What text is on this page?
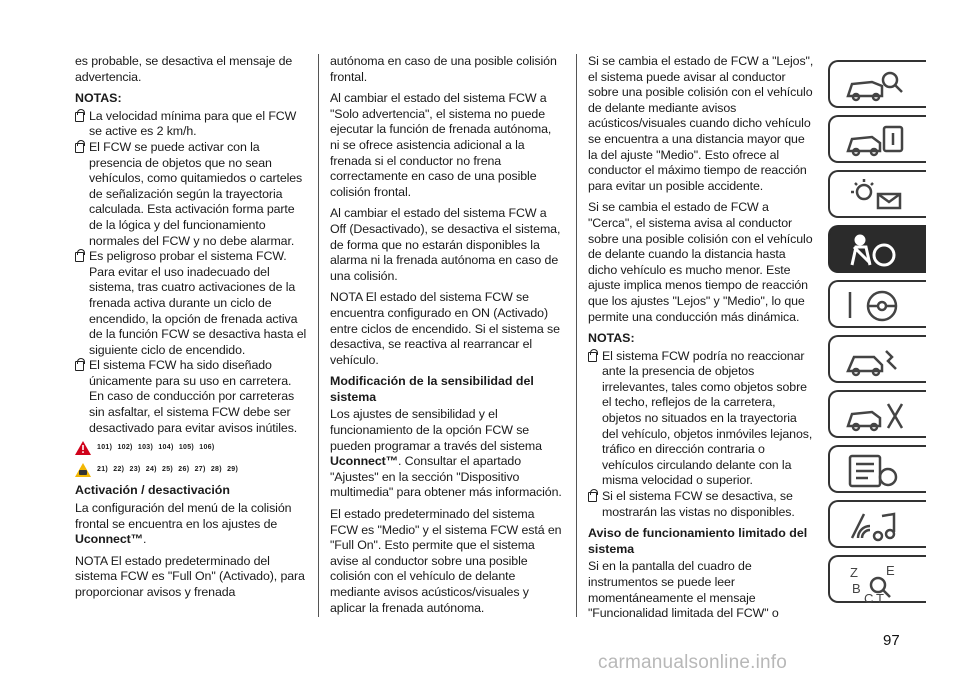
es probable, se desactiva el mensaje de advertencia.

NOTAS:
La velocidad mínima para que el FCW se active es 2 km/h.
El FCW se puede activar con la presencia de objetos que no sean vehículos, como quitamiedos o carteles de señalización según la trayectoria calculada. Esta activación forma parte de la lógica y del funcionamiento normales del FCW y no debe alarmar.
Es peligroso probar el sistema FCW. Para evitar el uso inadecuado del sistema, tras cuatro activaciones de la frenada activa durante un ciclo de encendido, la opción de frenada activa de la función FCW se desactiva hasta el siguiente ciclo de encendido.
El sistema FCW ha sido diseñado únicamente para su uso en carretera. En caso de conducción por carreteras sin asfaltar, el sistema FCW debe ser desactivado para evitar avisos inútiles.
101) 102) 103) 104) 105) 106)
21) 22) 23) 24) 25) 26) 27) 28) 29)
Activación / desactivación

La configuración del menú de la colisión frontal se encuentra en los ajustes de Uconnect™.

NOTA El estado predeterminado del sistema FCW es "Full On" (Activado), para proporcionar avisos y frenada

autónoma en caso de una posible colisión frontal.

Al cambiar el estado del sistema FCW a "Solo advertencia", el sistema no puede ejecutar la función de frenada autónoma, ni se ofrece asistencia adicional a la frenada si el conductor no frena correctamente en caso de una posible colisión frontal.

Al cambiar el estado del sistema FCW a Off (Desactivado), se desactiva el sistema, de forma que no estarán disponibles la alarma ni la frenada autónoma en caso de una colisión.

NOTA El estado del sistema FCW se encuentra configurado en ON (Activado) entre ciclos de encendido. Si el sistema se desactiva, se reactiva al rearrancar el vehículo.

Modificación de la sensibilidad del sistema

Los ajustes de sensibilidad y el funcionamiento de la opción FCW se pueden programar a través del sistema Uconnect™. Consultar el apartado "Ajustes" en la sección "Dispositivo multimedia" para obtener más información.

El estado predeterminado del sistema FCW es "Medio" y el sistema FCW está en "Full On". Esto permite que el sistema avise al conductor sobre una posible colisión con el vehículo de delante mediante avisos acústicos/visuales y aplicar la frenada autónoma.

Si se cambia el estado de FCW a "Lejos", el sistema puede avisar al conductor sobre una posible colisión con el vehículo de delante mediante avisos acústicos/visuales cuando dicho vehículo se encuentra a una distancia mayor que la del ajuste "Medio". Esto ofrece al conductor el máximo tiempo de reacción para evitar un posible accidente.

Si se cambia el estado de FCW a "Cerca", el sistema avisa al conductor sobre una posible colisión con el vehículo de delante cuando la distancia hasta dicho vehículo es mucho menor. Este ajuste implica menos tiempo de reacción que los ajustes "Lejos" y "Medio", lo que permite una conducción más dinámica.

NOTAS:
El sistema FCW podría no reaccionar ante la presencia de objetos irrelevantes, tales como objetos sobre el techo, reflejos de la carretera, objetos no situados en la trayectoria del vehículo, objetos inmóviles lejanos, tráfico en dirección contraria o vehículos circulando delante con la misma velocidad o superior.
Si el sistema FCW se desactiva, se mostrarán las vistas no disponibles.
Aviso de funcionamiento limitado del sistema

Si en la pantalla del cuadro de instrumentos se puede leer momentáneamente el mensaje "Funcionalidad limitada del FCW" o

Z E
B
C T
97
carmanualsonline.info
